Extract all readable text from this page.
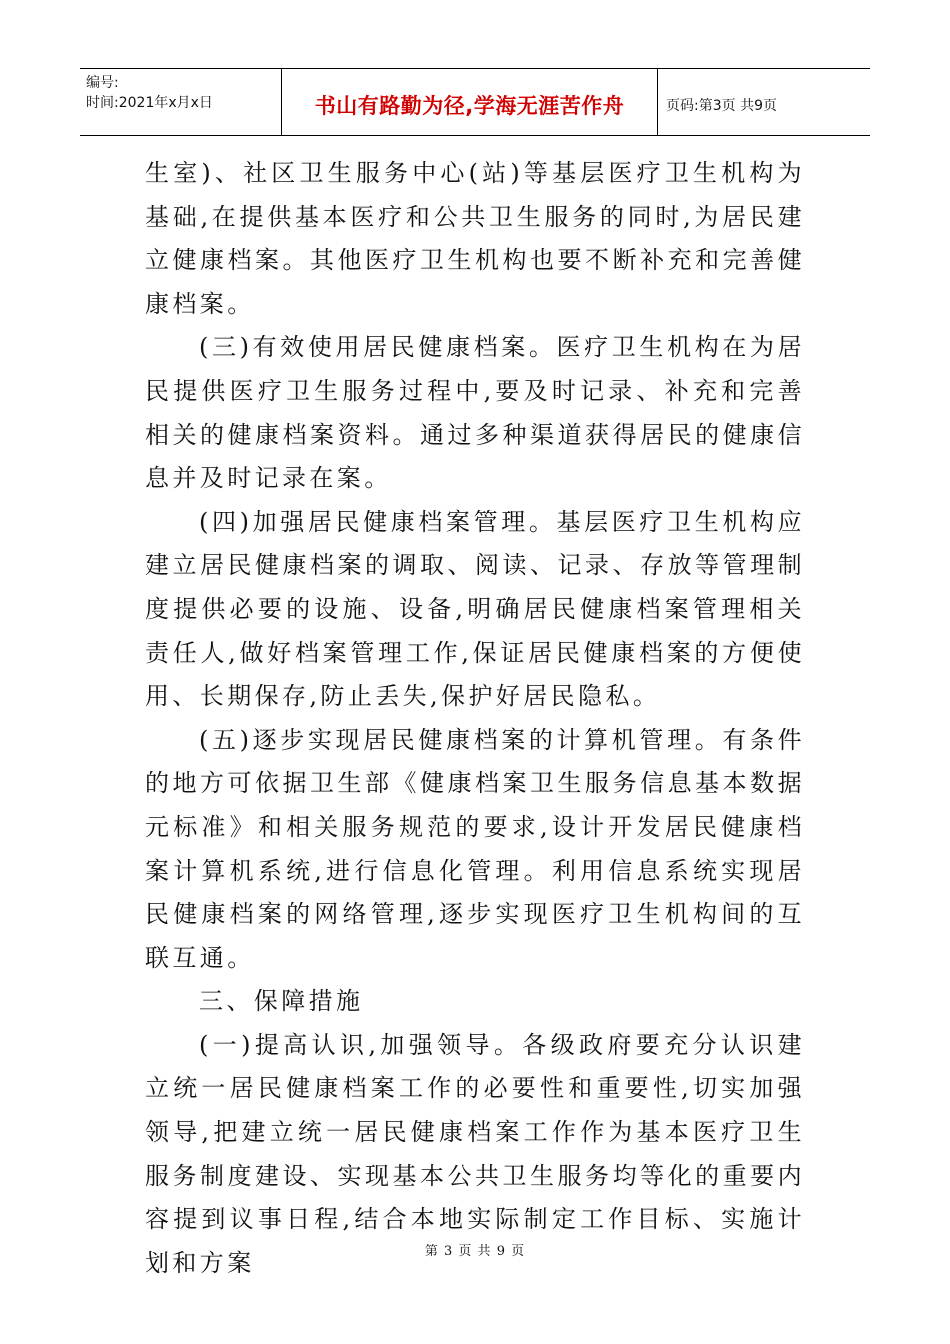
编号:
时间:2021年x月x日	书山有路勤为径,学海无涯苦作舟	页码:第3页 共9页

生室)、社区卫生服务中心(站)等基层医疗卫生机构为基础,在提供基本医疗和公共卫生服务的同时,为居民建立健康档案。其他医疗卫生机构也要不断补充和完善健康档案。

(三)有效使用居民健康档案。医疗卫生机构在为居民提供医疗卫生服务过程中,要及时记录、补充和完善相关的健康档案资料。通过多种渠道获得居民的健康信息并及时记录在案。

(四)加强居民健康档案管理。基层医疗卫生机构应建立居民健康档案的调取、阅读、记录、存放等管理制度提供必要的设施、设备,明确居民健康档案管理相关责任人,做好档案管理工作,保证居民健康档案的方便使用、长期保存,防止丢失,保护好居民隐私。

(五)逐步实现居民健康档案的计算机管理。有条件的地方可依据卫生部《健康档案卫生服务信息基本数据元标准》和相关服务规范的要求,设计开发居民健康档案计算机系统,进行信息化管理。利用信息系统实现居民健康档案的网络管理,逐步实现医疗卫生机构间的互联互通。

三、保障措施

(一)提高认识,加强领导。各级政府要充分认识建立统一居民健康档案工作的必要性和重要性,切实加强领导,把建立统一居民健康档案工作作为基本医疗卫生服务制度建设、实现基本公共卫生服务均等化的重要内容提到议事日程,结合本地实际制定工作目标、实施计划和方案	第 3 页 共 9 页
